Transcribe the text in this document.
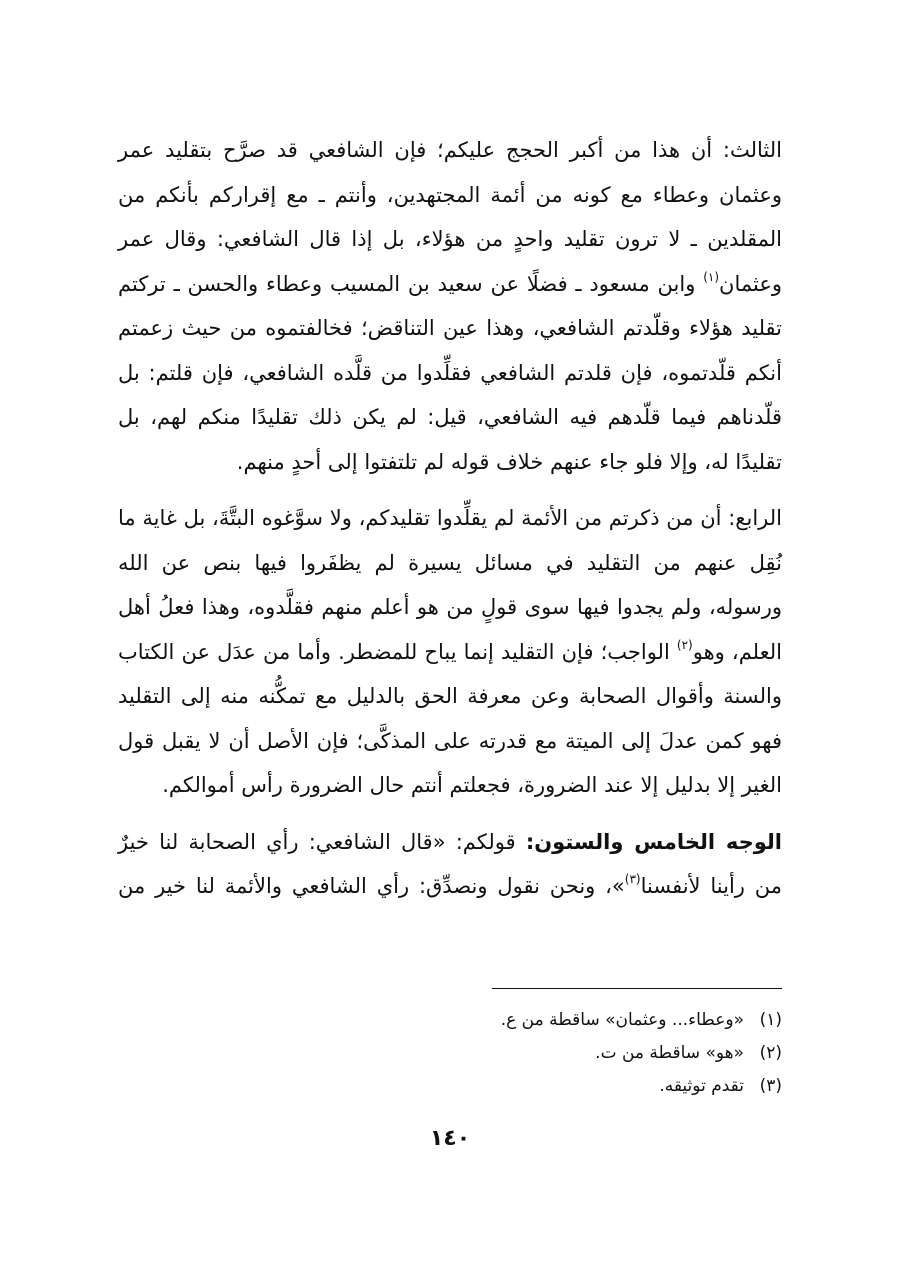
الثالث: أن هذا من أكبر الحجج عليكم؛ فإن الشافعي قد صرَّح بتقليد عمر وعثمان وعطاء مع كونه من أئمة المجتهدين، وأنتم ـ مع إقراركم بأنكم من المقلدين ـ لا ترون تقليد واحدٍ من هؤلاء، بل إذا قال الشافعي: وقال عمر وعثمان$^{(١)}$ وابن مسعود ـ فضلًا عن سعيد بن المسيب وعطاء والحسن ـ تركتم تقليد هؤلاء وقلّدتم الشافعي، وهذا عين التناقض؛ فخالفتموه من حيث زعمتم أنكم قلّدتموه، فإن قلدتم الشافعي فقلِّدوا من قلَّده الشافعي، فإن قلتم: بل قلّدناهم فيما قلّدهم فيه الشافعي، قيل: لم يكن ذلك تقليدًا منكم لهم، بل تقليدًا له، وإلا فلو جاء عنهم خلاف قوله لم تلتفتوا إلى أحدٍ منهم.

الرابع: أن من ذكرتم من الأئمة لم يقلِّدوا تقليدكم، ولا سوَّغوه البتَّةَ، بل غاية ما نُقِل عنهم من التقليد في مسائل يسيرة لم يظفَروا فيها بنص عن الله ورسوله، ولم يجدوا فيها سوى قولٍ من هو أعلم منهم فقلَّدوه، وهذا فعلُ أهل العلم، وهو$^{(٢)}$ الواجب؛ فإن التقليد إنما يباح للمضطر. وأما من عدَل عن الكتاب والسنة وأقوال الصحابة وعن معرفة الحق بالدليل مع تمكُّنه منه إلى التقليد فهو كمن عدلَ إلى الميتة مع قدرته على المذكَّى؛ فإن الأصل أن لا يقبل قول الغير إلا بدليل إلا عند الضرورة، فجعلتم أنتم حال الضرورة رأس أموالكم.

الوجه الخامس والستون: قولكم: «قال الشافعي: رأي الصحابة لنا خيرٌ من رأينا لأنفسنا$^{(٣)}$»، ونحن نقول ونصدِّق: رأي الشافعي والأئمة لنا خير من

(١)«وعطاء... وعثمان» ساقطة من ع.

(٢)«هو» ساقطة من ت.

(٣)تقدم توثيقه.

١٤٠
